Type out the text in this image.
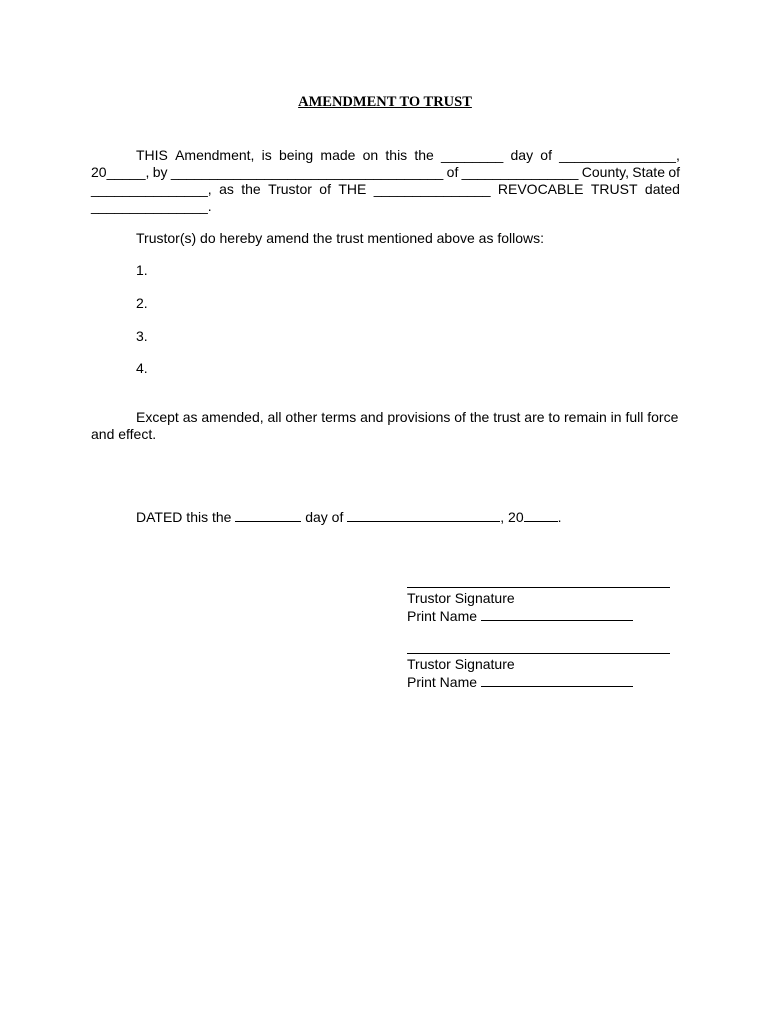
AMENDMENT TO TRUST
THIS Amendment, is being made on this the ________ day of _______________,
20_____, by ___________________________________ of _______________ County, State of
_______________, as the Trustor of THE _______________ REVOCABLE TRUST dated
_______________.
Trustor(s) do hereby amend the trust mentioned above as follows:
1.
2.
3.
4.
Except as amended, all other terms and provisions of the trust are to remain in full force
and effect.
DATED this the	day of	, 20 .
Trustor Signature
Print Name
Trustor Signature
Print Name
